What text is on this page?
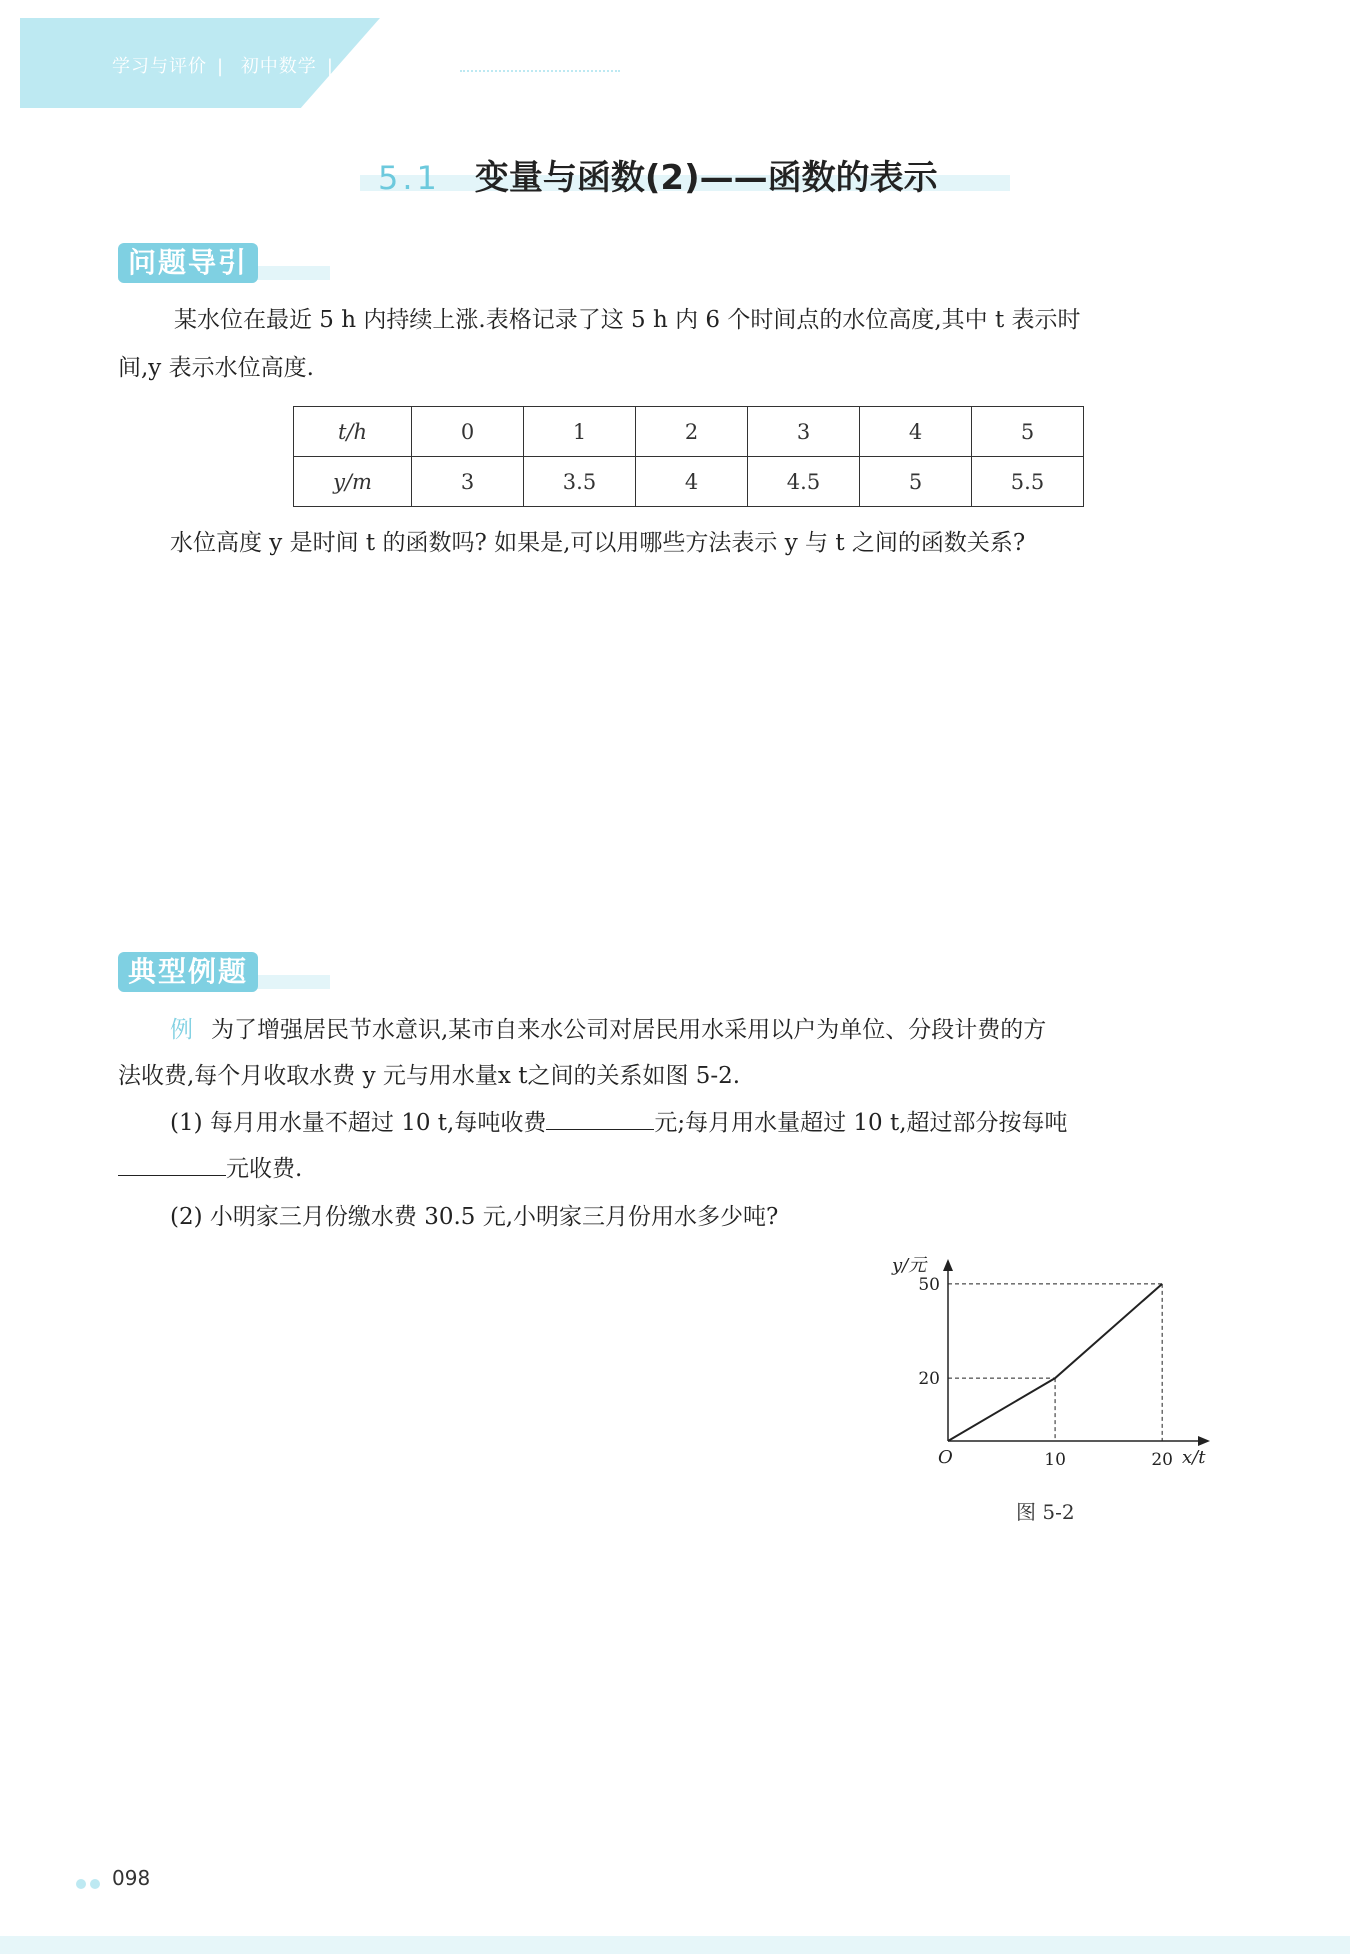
学习与评价 | 初中数学 | 八年级上册
5.1 变量与函数(2)——函数的表示
问题导引
某水位在最近 5 h 内持续上涨.表格记录了这 5 h 内 6 个时间点的水位高度,其中 t 表示时
间,y 表示水位高度.
t/h	0	1	2	3	4	5
y/m	3	3.5	4	4.5	5	5.5
水位高度 y 是时间 t 的函数吗? 如果是,可以用哪些方法表示 y 与 t 之间的函数关系?
典型例题
例 为了增强居民节水意识,某市自来水公司对居民用水采用以户为单位、分段计费的方
法收费,每个月收取水费 y 元与用水量x t之间的关系如图 5-2.
(1) 每月用水量不超过 10 t,每吨收费	元;每月用水量超过 10 t,超过部分按每吨
元收费.
(2) 小明家三月份缴水费 30.5 元,小明家三月份用水多少吨?
O
y/元
x/t
10	20
20
50
图 5-2
098
